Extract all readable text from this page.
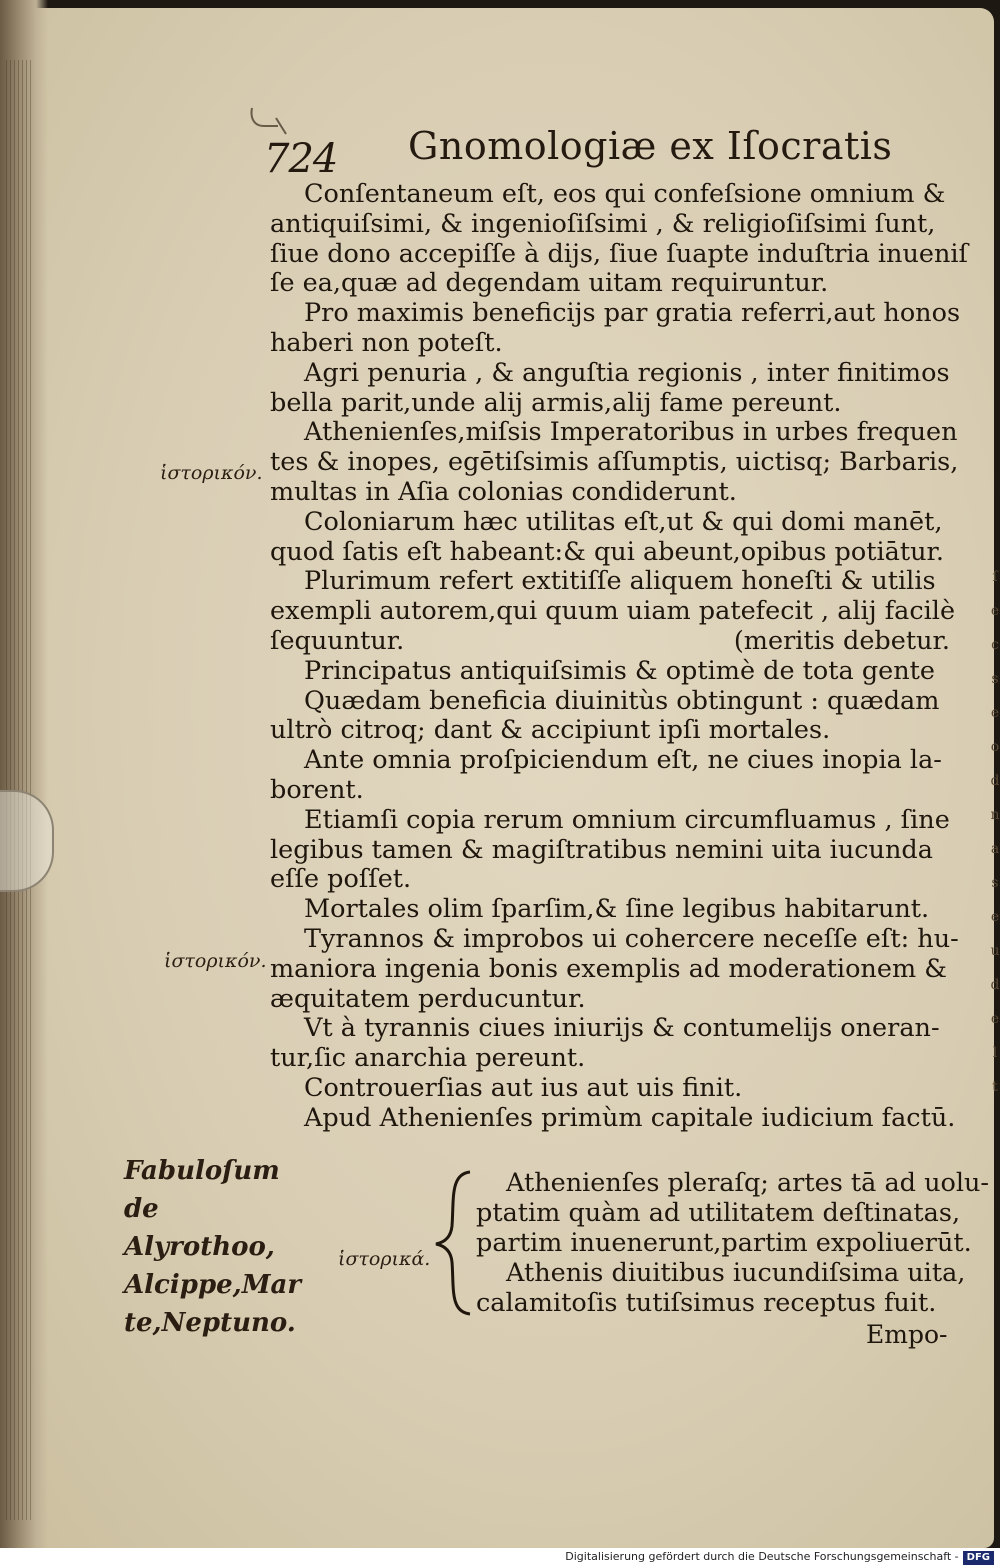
ſ
e
c
s
e
o
d
n
a
s
e
u
d
e
l
t
724 Gnomologiæ ex Iſocratis
Conſentaneum eſt, eos qui confeſsione omnium &
antiquiſsimi, & ingenioſiſsimi , & religioſiſsimi ſunt,
ſiue dono accepiſſe à dijs, ſiue ſuapte induſtria inueniſ
ſe ea,quæ ad degendam uitam requiruntur.
Pro maximis beneficijs par gratia referri,aut honos
haberi non poteſt.
Agri penuria , & anguſtia regionis , inter finitimos
bella parit,unde alij armis,alij fame pereunt.
Athenienſes,miſsis Imperatoribus in urbes frequen
tes & inopes, egētiſsimis aſſumptis, uictisq; Barbaris,
multas in Aſia colonias condiderunt.
Coloniarum hæc utilitas eſt,ut & qui domi manēt,
quod ſatis eſt habeant:& qui abeunt,opibus potiātur.
Plurimum refert extitiſſe aliquem honeſti & utilis
exempli autorem,qui quum uiam patefecit , alij facilè
ſequuntur.	(meritis debetur.
Principatus antiquiſsimis & optimè de tota gente
Quædam beneficia diuinitùs obtingunt : quædam
ultrò citroq; dant & accipiunt ipſi mortales.
Ante omnia proſpiciendum eſt, ne ciues inopia la-
borent.
Etiamſi copia rerum omnium circumfluamus , ſine
legibus tamen & magiſtratibus nemini uita iucunda
eſſe poſſet.
Mortales olim ſparſim,& ſine legibus habitarunt.
Tyrannos & improbos ui cohercere neceſſe eſt: hu-
maniora ingenia bonis exemplis ad moderationem &
æquitatem perducuntur.
Vt à tyrannis ciues iniurijs & contumelijs oneran-
tur,ſic anarchia pereunt.
Controuerſias aut ius aut uis finit.
Apud Athenienſes primùm capitale iudicium factū.
ἱστορικόν.
ἱστορικόν.
ἱστορικά.
Fabuloſum de
Alyrothoo,
Alcippe,Mar
te,Neptuno.
Athenienſes pleraſq; artes tā ad uolu-
ptatim quàm ad utilitatem deſtinatas,
partim inuenerunt,partim expoliuerūt.
Athenis diuitibus iucundiſsima uita,
calamitoſis tutiſsimus receptus fuit.
Empo-
Digitalisierung gefördert durch die Deutsche Forschungsgemeinschaft - DFG
